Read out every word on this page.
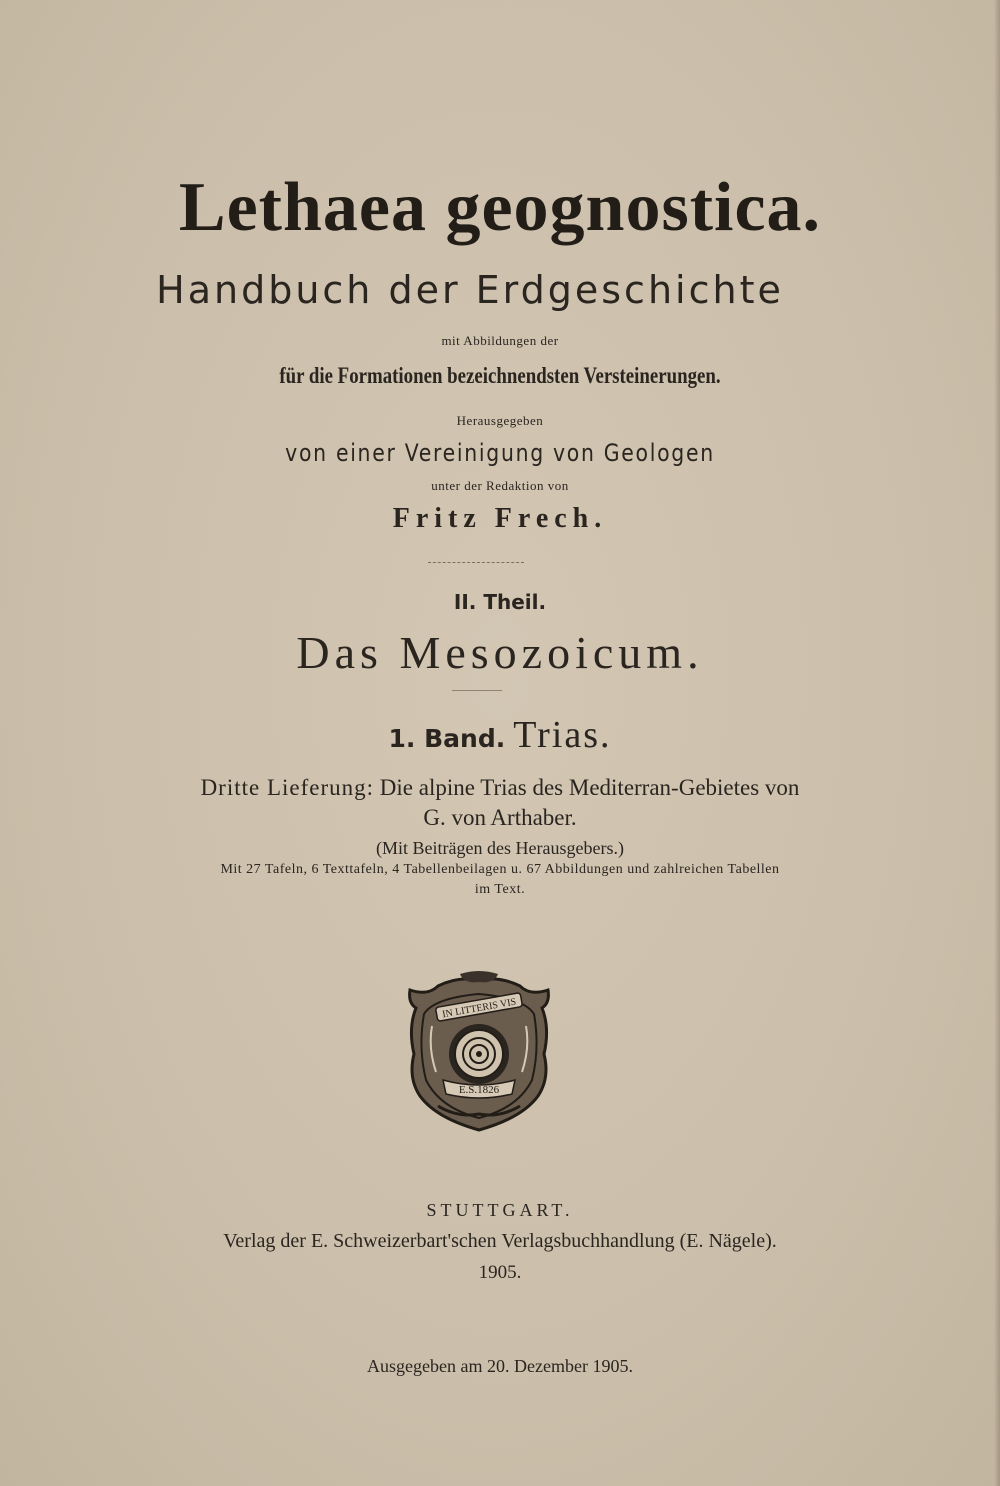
Lethaea geognostica.

Handbuch der Erdgeschichte

mit Abbildungen der

für die Formationen bezeichnendsten Versteinerungen.

Herausgegeben

von einer Vereinigung von Geologen

unter der Redaktion von

Fritz Frech.

II. Theil.

Das Mesozoicum.

1. Band. Trias.

Dritte Lieferung: Die alpine Trias des Mediterran-Gebietes von

G. von Arthaber.

(Mit Beiträgen des Herausgebers.)

Mit 27 Tafeln, 6 Texttafeln, 4 Tabellenbeilagen u. 67 Abbildungen und zahlreichen Tabellen

im Text.

IN LITTERIS VIS
E.S.1826

STUTTGART.

Verlag der E. Schweizerbart'schen Verlagsbuchhandlung (E. Nägele).

1905.

Ausgegeben am 20. Dezember 1905.
